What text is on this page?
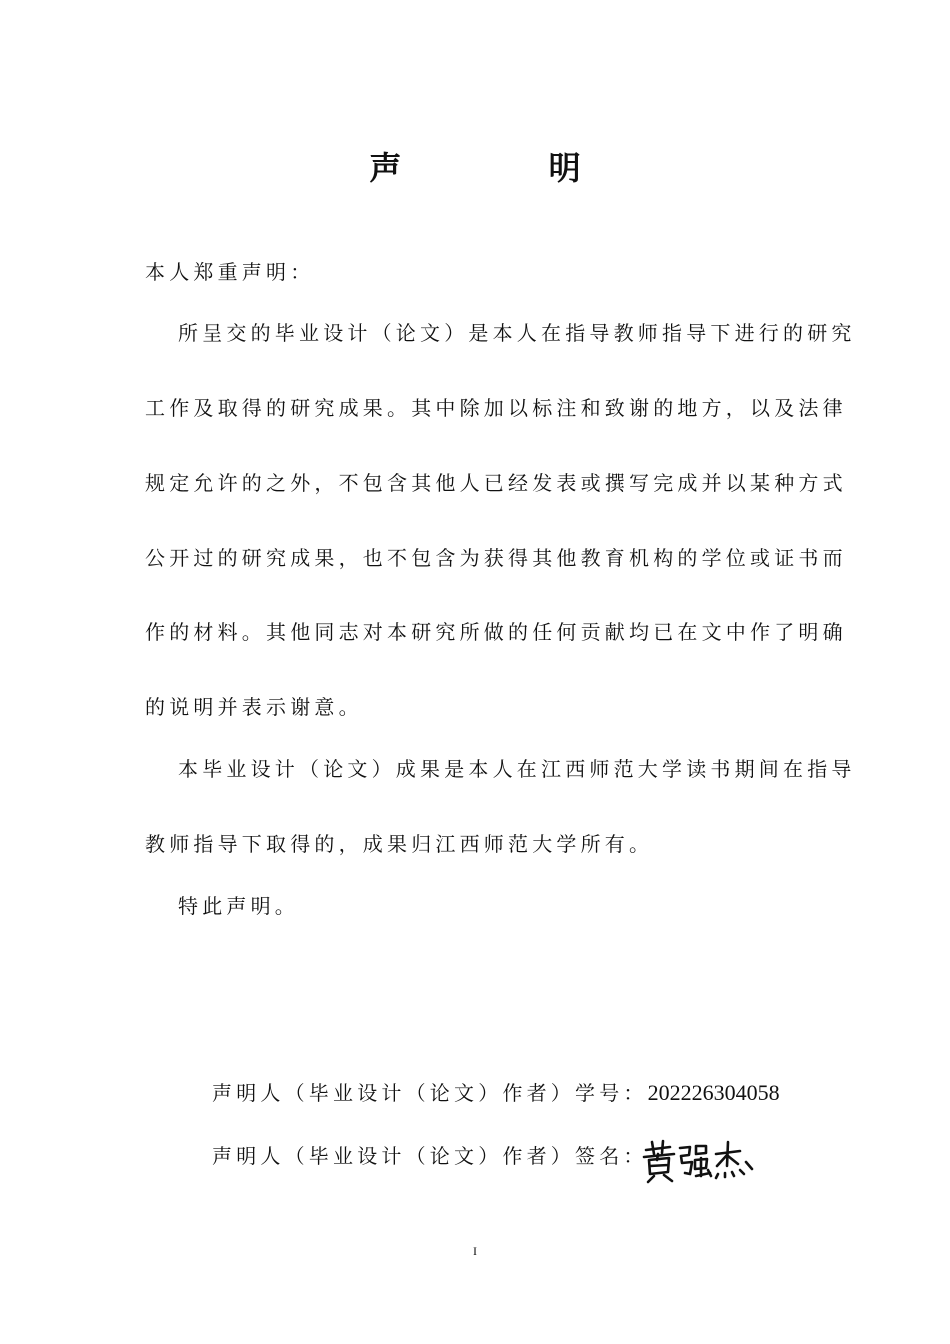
声 明
本人郑重声明：
所呈交的毕业设计（论文）是本人在指导教师指导下进行的研究
工作及取得的研究成果。其中除加以标注和致谢的地方，以及法律
规定允许的之外，不包含其他人已经发表或撰写完成并以某种方式
公开过的研究成果，也不包含为获得其他教育机构的学位或证书而
作的材料。其他同志对本研究所做的任何贡献均已在文中作了明确
的说明并表示谢意。
本毕业设计（论文）成果是本人在江西师范大学读书期间在指导
教师指导下取得的，成果归江西师范大学所有。
特此声明。
声明人（毕业设计（论文）作者）学号：202226304058
声明人（毕业设计（论文）作者）签名：
I
